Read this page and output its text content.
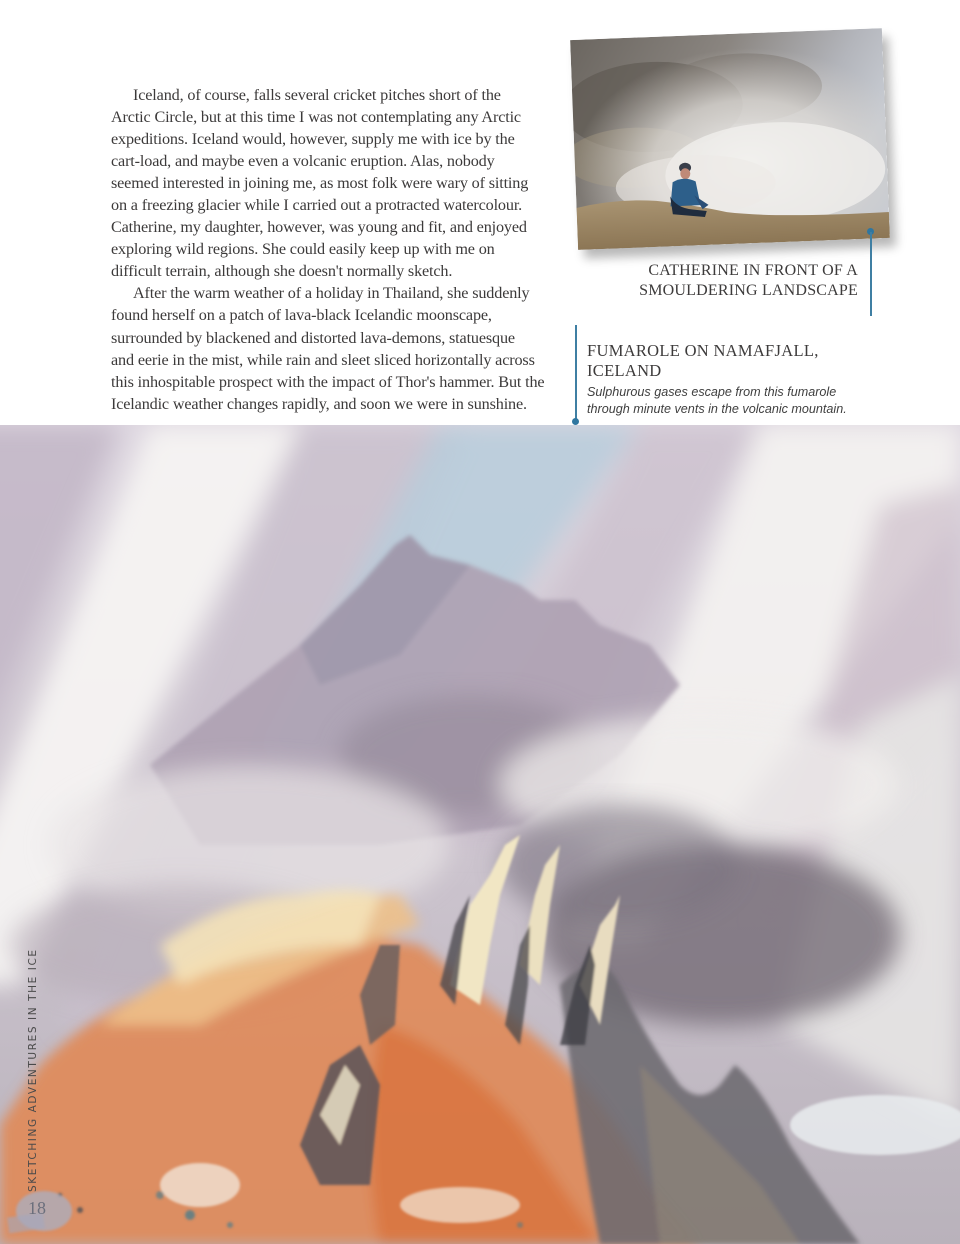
Iceland, of course, falls several cricket pitches short of the
Arctic Circle, but at this time I was not contemplating any Arctic
expeditions. Iceland would, however, supply me with ice by the
cart-load, and maybe even a volcanic eruption. Alas, nobody
seemed interested in joining me, as most folk were wary of sitting
on a freezing glacier while I carried out a protracted watercolour.
Catherine, my daughter, however, was young and fit, and enjoyed
exploring wild regions. She could easily keep up with me on
difficult terrain, although she doesn't normally sketch.

After the warm weather of a holiday in Thailand, she suddenly
found herself on a patch of lava-black Icelandic moonscape,
surrounded by blackened and distorted lava-demons, statuesque
and eerie in the mist, while rain and sleet sliced horizontally across
this inhospitable prospect with the impact of Thor's hammer. But the
Icelandic weather changes rapidly, and soon we were in sunshine.

CATHERINE IN FRONT OF A
SMOULDERING LANDSCAPE
FUMAROLE ON NAMAFJALL,
ICELAND
Sulphurous gases escape from this fumarole
through minute vents in the volcanic mountain.
SKETCHING ADVENTURES IN THE ICE
18
